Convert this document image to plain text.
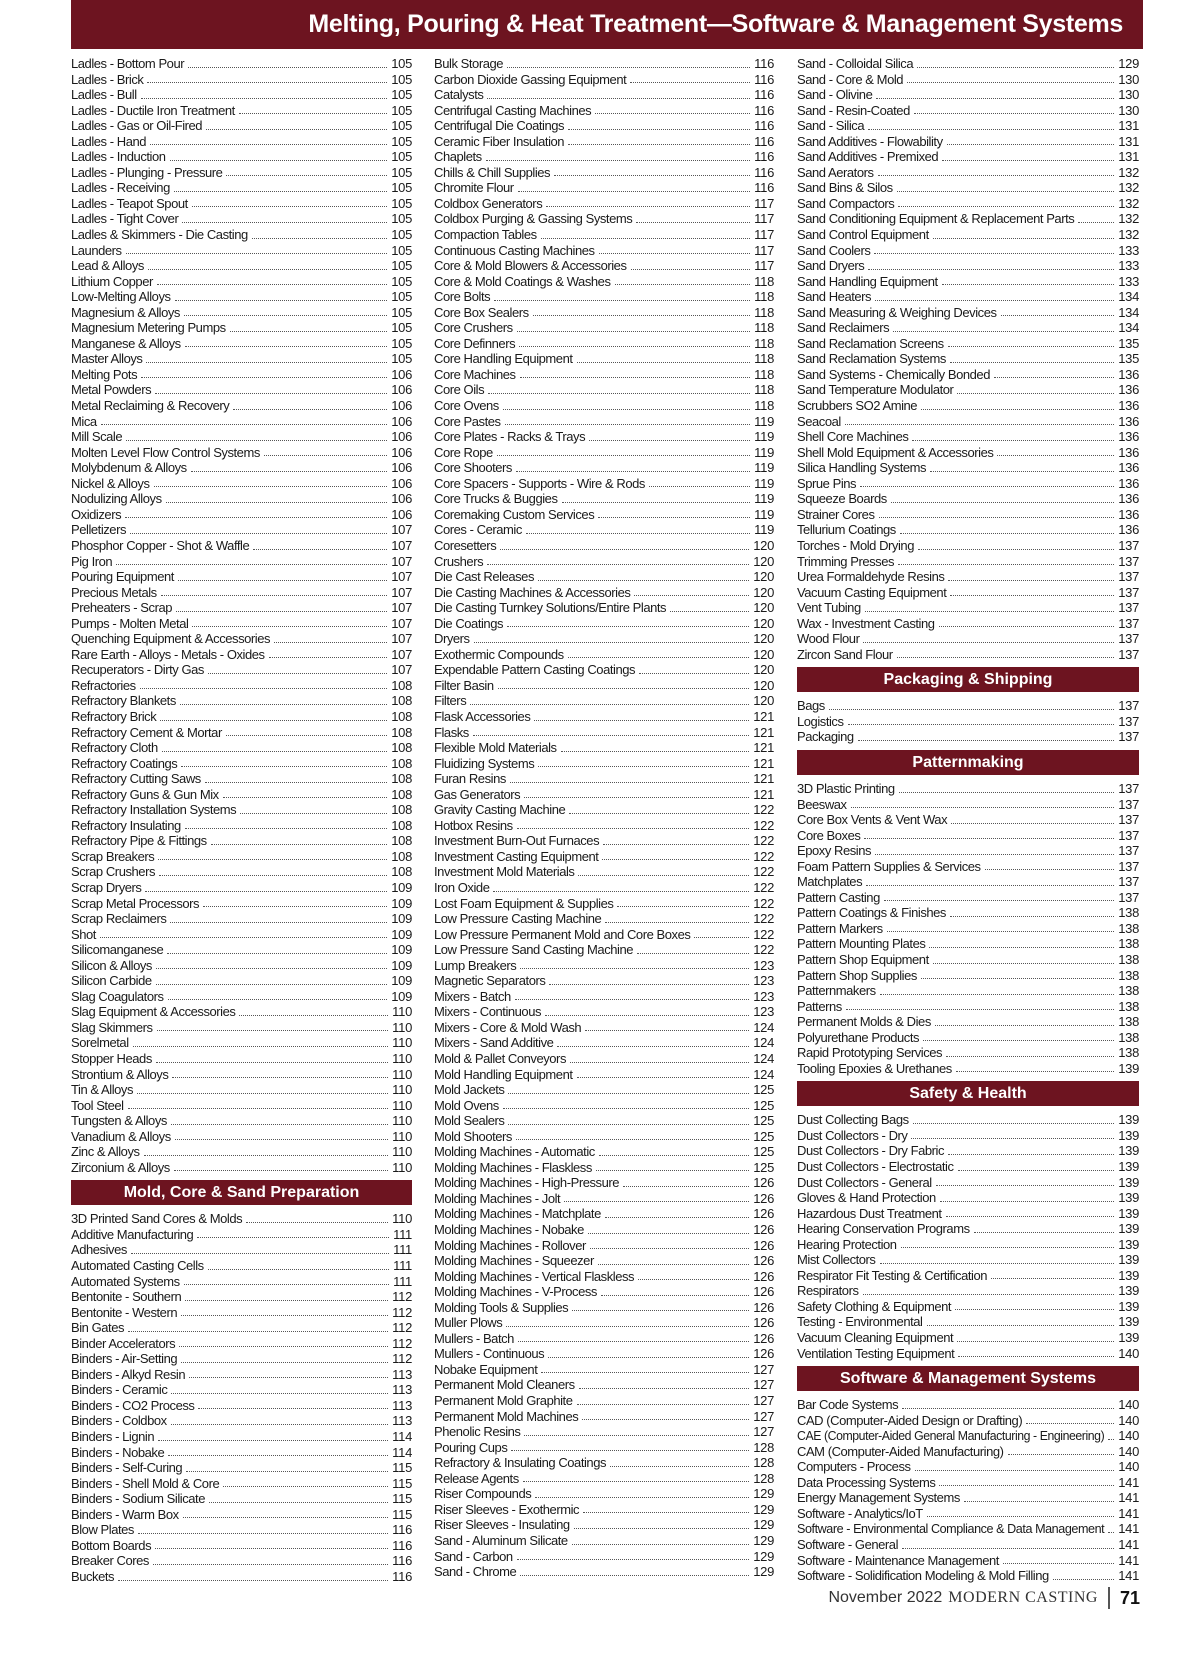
Melting, Pouring & Heat Treatment—Software & Management Systems
Ladles - Bottom Pour	105
Ladles - Brick	105
Ladles - Bull	105
Ladles - Ductile Iron Treatment	105
Ladles - Gas or Oil-Fired	105
Ladles - Hand	105
Ladles - Induction	105
Ladles - Plunging - Pressure	105
Ladles - Receiving	105
Ladles - Teapot Spout	105
Ladles - Tight Cover	105
Ladles & Skimmers - Die Casting	105
Launders	105
Lead & Alloys	105
Lithium Copper	105
Low-Melting Alloys	105
Magnesium & Alloys	105
Magnesium Metering Pumps	105
Manganese & Alloys	105
Master Alloys	105
Melting Pots	106
Metal Powders	106
Metal Reclaiming & Recovery	106
Mica	106
Mill Scale	106
Molten Level Flow Control Systems	106
Molybdenum & Alloys	106
Nickel & Alloys	106
Nodulizing Alloys	106
Oxidizers	106
Pelletizers	107
Phosphor Copper - Shot & Waffle	107
Pig Iron	107
Pouring Equipment	107
Precious Metals	107
Preheaters - Scrap	107
Pumps - Molten Metal	107
Quenching Equipment & Accessories	107
Rare Earth - Alloys - Metals - Oxides	107
Recuperators - Dirty Gas	107
Refractories	108
Refractory Blankets	108
Refractory Brick	108
Refractory Cement & Mortar	108
Refractory Cloth	108
Refractory Coatings	108
Refractory Cutting Saws	108
Refractory Guns & Gun Mix	108
Refractory Installation Systems	108
Refractory Insulating	108
Refractory Pipe & Fittings	108
Scrap Breakers	108
Scrap Crushers	108
Scrap Dryers	109
Scrap Metal Processors	109
Scrap Reclaimers	109
Shot	109
Silicomanganese	109
Silicon & Alloys	109
Silicon Carbide	109
Slag Coagulators	109
Slag Equipment & Accessories	110
Slag Skimmers	110
Sorelmetal	110
Stopper Heads	110
Strontium & Alloys	110
Tin & Alloys	110
Tool Steel	110
Tungsten & Alloys	110
Vanadium & Alloys	110
Zinc & Alloys	110
Zirconium & Alloys	110
Mold, Core & Sand Preparation
3D Printed Sand Cores & Molds	110
Additive Manufacturing	111
Adhesives	111
Automated Casting Cells	111
Automated Systems	111
Bentonite - Southern	112
Bentonite - Western	112
Bin Gates	112
Binder Accelerators	112
Binders - Air-Setting	112
Binders - Alkyd Resin	113
Binders - Ceramic	113
Binders - CO2 Process	113
Binders - Coldbox	113
Binders - Lignin	114
Binders - Nobake	114
Binders - Self-Curing	115
Binders - Shell Mold & Core	115
Binders - Sodium Silicate	115
Binders - Warm Box	115
Blow Plates	116
Bottom Boards	116
Breaker Cores	116
Buckets	116
Bulk Storage	116
Carbon Dioxide Gassing Equipment	116
Catalysts	116
Centrifugal Casting Machines	116
Centrifugal Die Coatings	116
Ceramic Fiber Insulation	116
Chaplets	116
Chills & Chill Supplies	116
Chromite Flour	116
Coldbox Generators	117
Coldbox Purging & Gassing Systems	117
Compaction Tables	117
Continuous Casting Machines	117
Core & Mold Blowers & Accessories	117
Core & Mold Coatings & Washes	118
Core Bolts	118
Core Box Sealers	118
Core Crushers	118
Core Definners	118
Core Handling Equipment	118
Core Machines	118
Core Oils	118
Core Ovens	118
Core Pastes	119
Core Plates - Racks & Trays	119
Core Rope	119
Core Shooters	119
Core Spacers - Supports - Wire & Rods	119
Core Trucks & Buggies	119
Coremaking Custom Services	119
Cores - Ceramic	119
Coresetters	120
Crushers	120
Die Cast Releases	120
Die Casting Machines & Accessories	120
Die Casting Turnkey Solutions/Entire Plants	120
Die Coatings	120
Dryers	120
Exothermic Compounds	120
Expendable Pattern Casting Coatings	120
Filter Basin	120
Filters	120
Flask Accessories	121
Flasks	121
Flexible Mold Materials	121
Fluidizing Systems	121
Furan Resins	121
Gas Generators	121
Gravity Casting Machine	122
Hotbox Resins	122
Investment Burn-Out Furnaces	122
Investment Casting Equipment	122
Investment Mold Materials	122
Iron Oxide	122
Lost Foam Equipment & Supplies	122
Low Pressure Casting Machine	122
Low Pressure Permanent Mold and Core Boxes	122
Low Pressure Sand Casting Machine	122
Lump Breakers	123
Magnetic Separators	123
Mixers - Batch	123
Mixers - Continuous	123
Mixers - Core & Mold Wash	124
Mixers - Sand Additive	124
Mold & Pallet Conveyors	124
Mold Handling Equipment	124
Mold Jackets	125
Mold Ovens	125
Mold Sealers	125
Mold Shooters	125
Molding Machines - Automatic	125
Molding Machines - Flaskless	125
Molding Machines - High-Pressure	126
Molding Machines - Jolt	126
Molding Machines - Matchplate	126
Molding Machines - Nobake	126
Molding Machines - Rollover	126
Molding Machines - Squeezer	126
Molding Machines - Vertical Flaskless	126
Molding Machines - V-Process	126
Molding Tools & Supplies	126
Muller Plows	126
Mullers - Batch	126
Mullers - Continuous	126
Nobake Equipment	127
Permanent Mold Cleaners	127
Permanent Mold Graphite	127
Permanent Mold Machines	127
Phenolic Resins	127
Pouring Cups	128
Refractory & Insulating Coatings	128
Release Agents	128
Riser Compounds	129
Riser Sleeves - Exothermic	129
Riser Sleeves - Insulating	129
Sand - Aluminum Silicate	129
Sand - Carbon	129
Sand - Chrome	129
Sand - Colloidal Silica	129
Sand - Core & Mold	130
Sand - Olivine	130
Sand - Resin-Coated	130
Sand - Silica	131
Sand Additives - Flowability	131
Sand Additives - Premixed	131
Sand Aerators	132
Sand Bins & Silos	132
Sand Compactors	132
Sand Conditioning Equipment & Replacement Parts	132
Sand Control Equipment	132
Sand Coolers	133
Sand Dryers	133
Sand Handling Equipment	133
Sand Heaters	134
Sand Measuring & Weighing Devices	134
Sand Reclaimers	134
Sand Reclamation Screens	135
Sand Reclamation Systems	135
Sand Systems - Chemically Bonded	136
Sand Temperature Modulator	136
Scrubbers SO2 Amine	136
Seacoal	136
Shell Core Machines	136
Shell Mold Equipment & Accessories	136
Silica Handling Systems	136
Sprue Pins	136
Squeeze Boards	136
Strainer Cores	136
Tellurium Coatings	136
Torches - Mold Drying	137
Trimming Presses	137
Urea Formaldehyde Resins	137
Vacuum Casting Equipment	137
Vent Tubing	137
Wax - Investment Casting	137
Wood Flour	137
Zircon Sand Flour	137
Packaging & Shipping
Bags	137
Logistics	137
Packaging	137
Patternmaking
3D Plastic Printing	137
Beeswax	137
Core Box Vents & Vent Wax	137
Core Boxes	137
Epoxy Resins	137
Foam Pattern Supplies & Services	137
Matchplates	137
Pattern Casting	137
Pattern Coatings & Finishes	138
Pattern Markers	138
Pattern Mounting Plates	138
Pattern Shop Equipment	138
Pattern Shop Supplies	138
Patternmakers	138
Patterns	138
Permanent Molds & Dies	138
Polyurethane Products	138
Rapid Prototyping Services	138
Tooling Epoxies & Urethanes	139
Safety & Health
Dust Collecting Bags	139
Dust Collectors - Dry	139
Dust Collectors - Dry Fabric	139
Dust Collectors - Electrostatic	139
Dust Collectors - General	139
Gloves & Hand Protection	139
Hazardous Dust Treatment	139
Hearing Conservation Programs	139
Hearing Protection	139
Mist Collectors	139
Respirator Fit Testing & Certification	139
Respirators	139
Safety Clothing & Equipment	139
Testing - Environmental	139
Vacuum Cleaning Equipment	139
Ventilation Testing Equipment	140
Software & Management Systems
Bar Code Systems	140
CAD (Computer-Aided Design or Drafting)	140
CAE (Computer-Aided General Manufacturing - Engineering) 140
CAM (Computer-Aided Manufacturing)	140
Computers - Process	140
Data Processing Systems	141
Energy Management Systems	141
Software - Analytics/IoT	141
Software - Environmental Compliance & Data Management 141
Software - General	141
Software - Maintenance Management	141
Software - Solidification Modeling & Mold Filling	141
November 2022 MODERN CASTING 71
